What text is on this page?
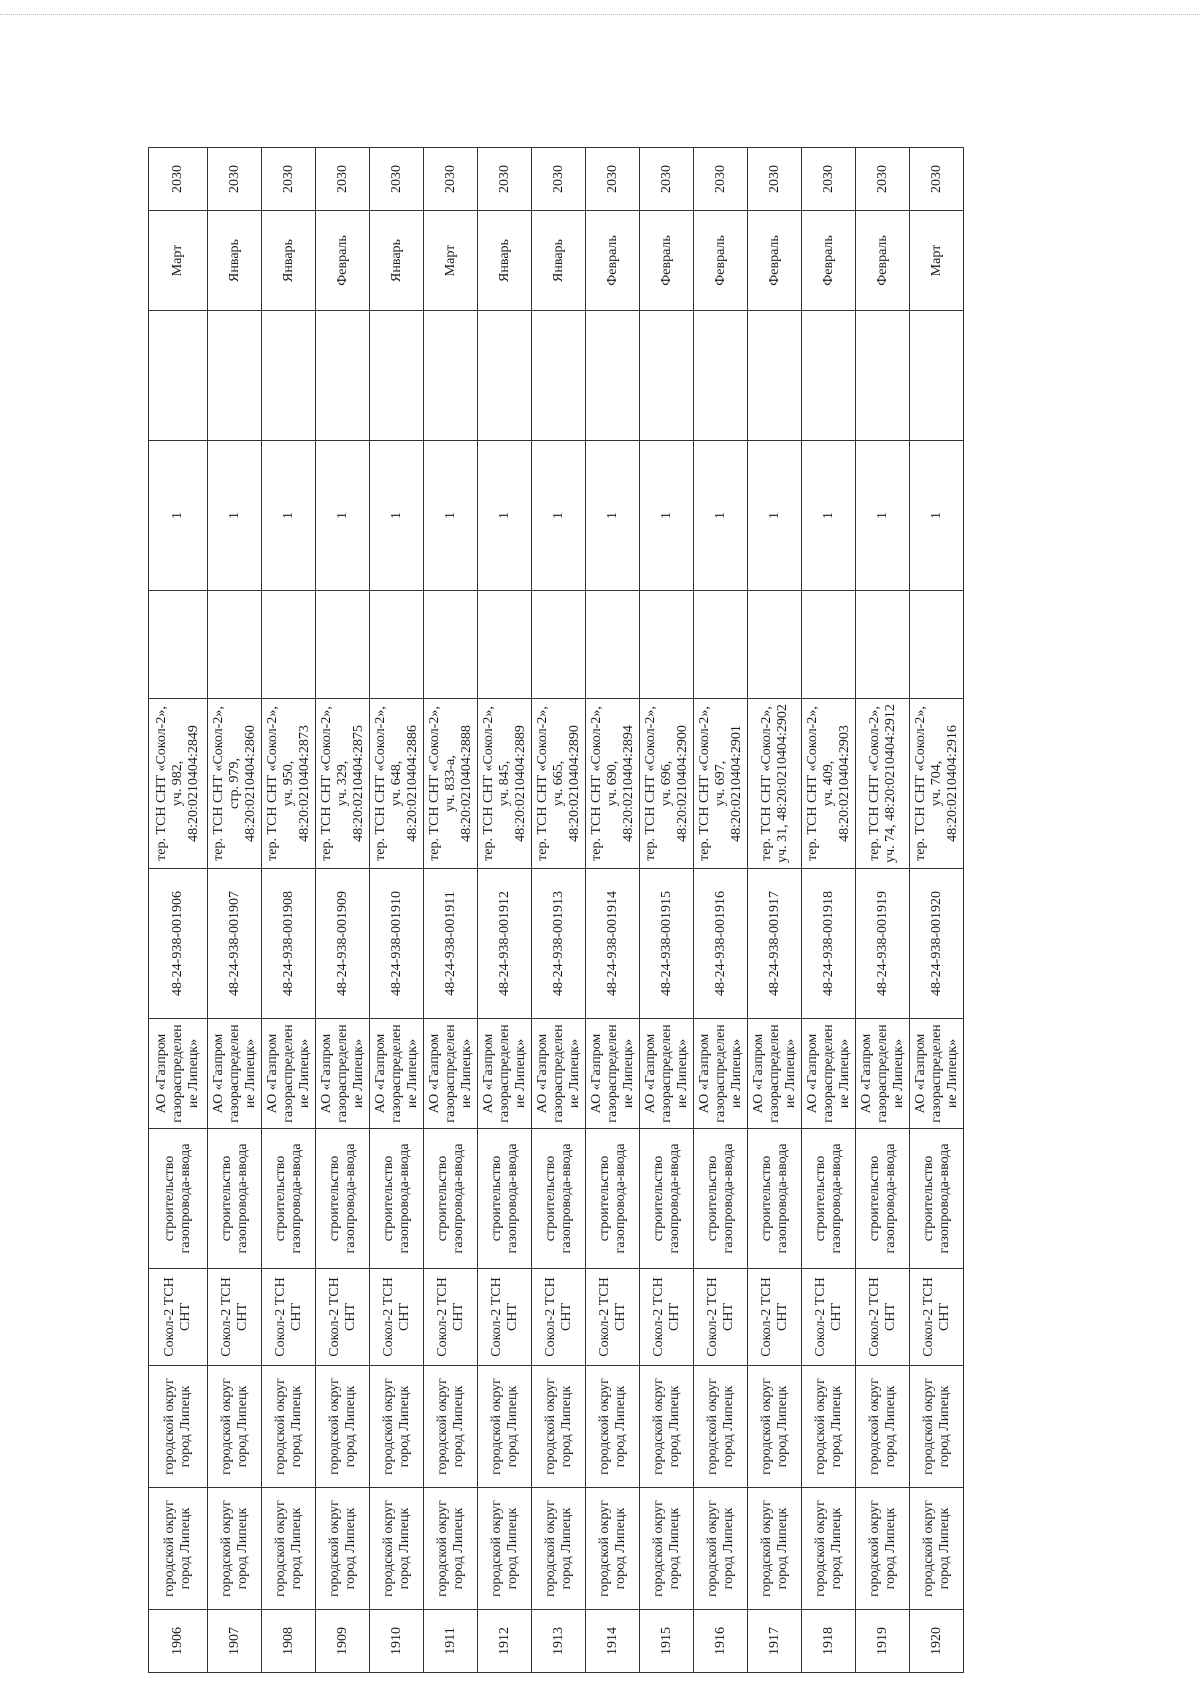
1906	городской округ город Липецк	городской округ город Липецк	Сокол-2 ТСН СНТ	строительство газопровода-ввода	АО «Газпром газораспределение Липецк»	48-24-938-001906	тер. ТСН СНТ «Сокол-2», уч. 982, 48:20:0210404:2849		1		Март	2030
1907	городской округ город Липецк	городской округ город Липецк	Сокол-2 ТСН СНТ	строительство газопровода-ввода	АО «Газпром газораспределение Липецк»	48-24-938-001907	тер. ТСН СНТ «Сокол-2», стр. 979, 48:20:0210404:2860		1		Январь	2030
1908	городской округ город Липецк	городской округ город Липецк	Сокол-2 ТСН СНТ	строительство газопровода-ввода	АО «Газпром газораспределение Липецк»	48-24-938-001908	тер. ТСН СНТ «Сокол-2», уч. 950, 48:20:0210404:2873		1		Январь	2030
1909	городской округ город Липецк	городской округ город Липецк	Сокол-2 ТСН СНТ	строительство газопровода-ввода	АО «Газпром газораспределение Липецк»	48-24-938-001909	тер. ТСН СНТ «Сокол-2», уч. 329, 48:20:0210404:2875		1		Февраль	2030
1910	городской округ город Липецк	городской округ город Липецк	Сокол-2 ТСН СНТ	строительство газопровода-ввода	АО «Газпром газораспределение Липецк»	48-24-938-001910	тер. ТСН СНТ «Сокол-2», уч. 648, 48:20:0210404:2886		1		Январь	2030
1911	городской округ город Липецк	городской округ город Липецк	Сокол-2 ТСН СНТ	строительство газопровода-ввода	АО «Газпром газораспределение Липецк»	48-24-938-001911	тер. ТСН СНТ «Сокол-2», уч. 833-а, 48:20:0210404:2888		1		Март	2030
1912	городской округ город Липецк	городской округ город Липецк	Сокол-2 ТСН СНТ	строительство газопровода-ввода	АО «Газпром газораспределение Липецк»	48-24-938-001912	тер. ТСН СНТ «Сокол-2», уч. 845, 48:20:0210404:2889		1		Январь	2030
1913	городской округ город Липецк	городской округ город Липецк	Сокол-2 ТСН СНТ	строительство газопровода-ввода	АО «Газпром газораспределение Липецк»	48-24-938-001913	тер. ТСН СНТ «Сокол-2», уч. 665, 48:20:0210404:2890		1		Январь	2030
1914	городской округ город Липецк	городской округ город Липецк	Сокол-2 ТСН СНТ	строительство газопровода-ввода	АО «Газпром газораспределение Липецк»	48-24-938-001914	тер. ТСН СНТ «Сокол-2», уч. 690, 48:20:0210404:2894		1		Февраль	2030
1915	городской округ город Липецк	городской округ город Липецк	Сокол-2 ТСН СНТ	строительство газопровода-ввода	АО «Газпром газораспределение Липецк»	48-24-938-001915	тер. ТСН СНТ «Сокол-2», уч. 696, 48:20:0210404:2900		1		Февраль	2030
1916	городской округ город Липецк	городской округ город Липецк	Сокол-2 ТСН СНТ	строительство газопровода-ввода	АО «Газпром газораспределение Липецк»	48-24-938-001916	тер. ТСН СНТ «Сокол-2», уч. 697, 48:20:0210404:2901		1		Февраль	2030
1917	городской округ город Липецк	городской округ город Липецк	Сокол-2 ТСН СНТ	строительство газопровода-ввода	АО «Газпром газораспределение Липецк»	48-24-938-001917	тер. ТСН СНТ «Сокол-2», уч. 31, 48:20:0210404:2902		1		Февраль	2030
1918	городской округ город Липецк	городской округ город Липецк	Сокол-2 ТСН СНТ	строительство газопровода-ввода	АО «Газпром газораспределение Липецк»	48-24-938-001918	тер. ТСН СНТ «Сокол-2», уч. 409, 48:20:0210404:2903		1		Февраль	2030
1919	городской округ город Липецк	городской округ город Липецк	Сокол-2 ТСН СНТ	строительство газопровода-ввода	АО «Газпром газораспределение Липецк»	48-24-938-001919	тер. ТСН СНТ «Сокол-2», уч. 74, 48:20:0210404:2912		1		Февраль	2030
1920	городской округ город Липецк	городской округ город Липецк	Сокол-2 ТСН СНТ	строительство газопровода-ввода	АО «Газпром газораспределение Липецк»	48-24-938-001920	тер. ТСН СНТ «Сокол-2», уч. 704, 48:20:0210404:2916		1		Март	2030
